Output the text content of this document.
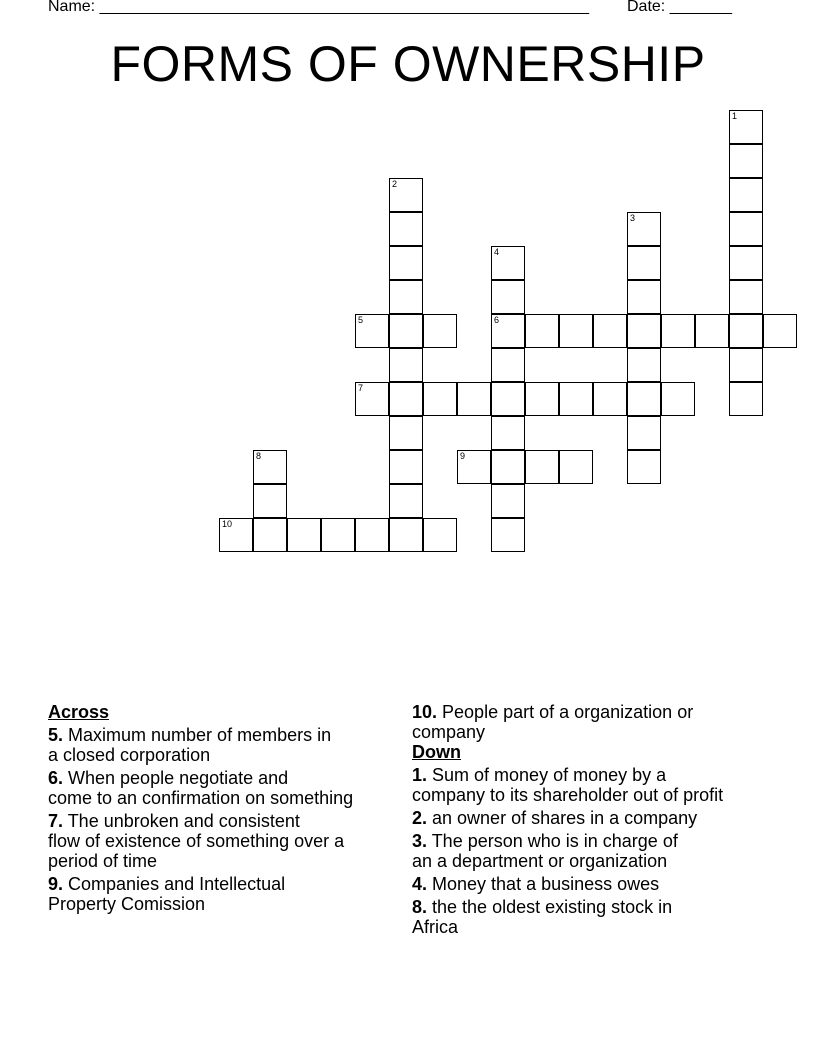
Name: _______________________________________________________ Date: _______
FORMS OF OWNERSHIP
1
2
3
4
6
5
7
8	9
10
Across
5. Maximum number of members in
a closed corporation
6. When people negotiate and
come to an confirmation on something
7. The unbroken and consistent
flow of existence of something over a
period of time
9. Companies and Intellectual
Property Comission
10. People part of a organization or
company
Down
1. Sum of money of money by a
company to its shareholder out of profit
2. an owner of shares in a company
3. The person who is in charge of
an a department or organization
4. Money that a business owes
8. the the oldest existing stock in
Africa
